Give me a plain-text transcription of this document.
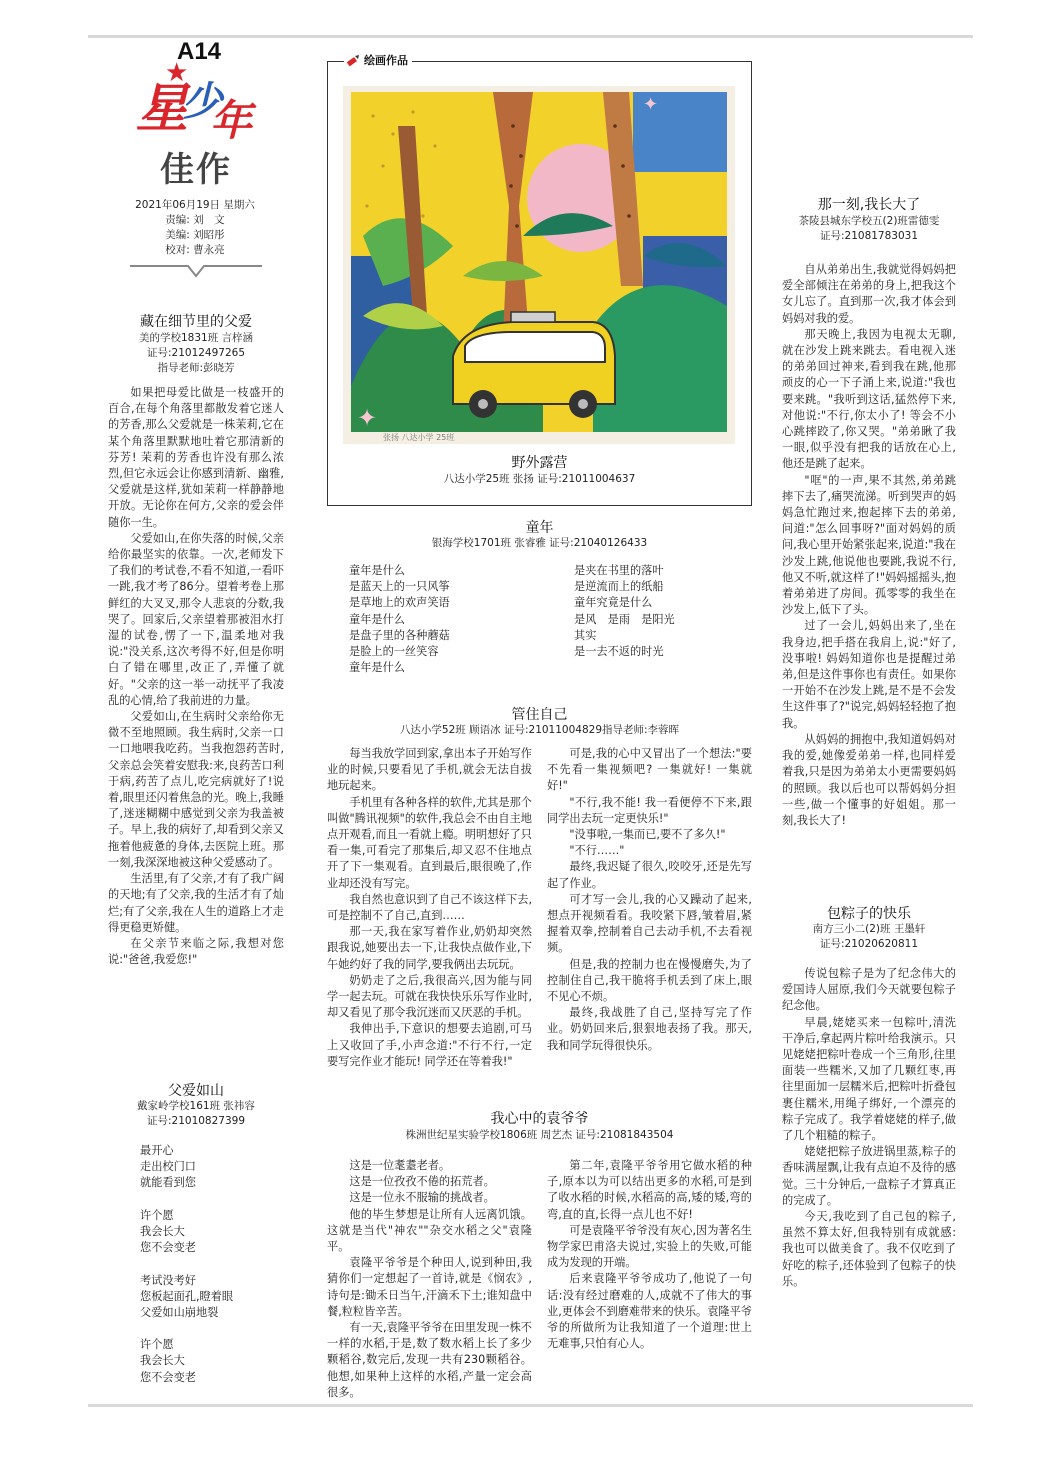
A14
★
星 少
年
佳作
2021年06月19日 星期六
责编: 刘　文
美编: 刘昭彤
校对: 曹永亮
藏在细节里的父爱
美的学校1831班 言梓涵
证号:21012497265
指导老师:彭晓芳

如果把母爱比做是一枝盛开的百合,在每个角落里都散发着它迷人的芳香,那么父爱就是一株茉莉,它在某个角落里默默地吐着它那清新的芬芳! 茉莉的芳香也许没有那么浓烈,但它永远会让你感到清新、幽雅,父爱就是这样,犹如茉莉一样静静地开放。无论你在何方,父亲的爱会伴随你一生。

父爱如山,在你失落的时候,父亲给你最坚实的依靠。一次,老师发下了我们的考试卷,不看不知道,一看吓一跳,我才考了86分。望着考卷上那鲜红的大叉叉,那令人悲哀的分数,我哭了。回家后,父亲望着那被泪水打湿的试卷,愣了一下,温柔地对我说:"没关系,这次考得不好,但是你明白了错在哪里,改正了,弄懂了就好。"父亲的这一举一动抚平了我凌乱的心情,给了我前进的力量。

父爱如山,在生病时父亲给你无微不至地照顾。我生病时,父亲一口一口地喂我吃药。当我抱怨药苦时,父亲总会笑着安慰我:来,良药苦口利于病,药苦了点儿,吃完病就好了!说着,眼里还闪着焦急的光。晚上,我睡了,迷迷糊糊中感觉到父亲为我盖被子。早上,我的病好了,却看到父亲又拖着他疲惫的身体,去医院上班。那一刻,我深深地被这种父爱感动了。

生活里,有了父亲,才有了我广阔的天地;有了父亲,我的生活才有了灿烂;有了父亲,我在人生的道路上才走得更稳更矫健。

在父亲节来临之际,我想对您说:"爸爸,我爱您!"

父爱如山
戴家岭学校161班 张祎容
证号:21010827399
最开心
走出校门口
就能看到您
许个愿
我会长大
您不会变老
考试没考好
您板起面孔,瞪着眼
父爱如山崩地裂
许个愿
我会长大
您不会变老
绘画作品
✦
✦
张扬 八达小学 25班
野外露营
八达小学25班 张扬 证号:21011004637
童年
银海学校1701班 张睿雅 证号:21040126433
童年是什么
是蓝天上的一只风筝
是草地上的欢声笑语
童年是什么
是盘子里的各种蘑菇
是脸上的一丝笑容
童年是什么
是夹在书里的落叶
是逆流而上的纸船
童年究竟是什么
是风　是雨　是阳光
其实
是一去不返的时光
管住自己
八达小学52班 顾语冰 证号:21011004829指导老师:李蓉晖

每当我放学回到家,拿出本子开始写作业的时候,只要看见了手机,就会无法自拔地玩起来。

手机里有各种各样的软件,尤其是那个叫做"腾讯视频"的软件,我总会不由自主地点开观看,而且一看就上瘾。明明想好了只看一集,可看完了那集后,却又忍不住地点开了下一集观看。直到最后,眼很晚了,作业却还没有写完。

我自然也意识到了自己不该这样下去,可是控制不了自己,直到……

那一天,我在家写着作业,奶奶却突然跟我说,她要出去一下,让我快点做作业,下午她约好了我的同学,要我俩出去玩玩。

奶奶走了之后,我很高兴,因为能与同学一起去玩。可就在我快快乐乐写作业时,却又看见了那令我沉迷而又厌恶的手机。

我伸出手,下意识的想要去追剧,可马上又收回了手,小声念道:"不行不行,一定要写完作业才能玩! 同学还在等着我!"

可是,我的心中又冒出了一个想法:"要不先看一集视频吧? 一集就好! 一集就好!"

"不行,我不能! 我一看便停不下来,跟同学出去玩一定更快乐!"

"没事啦,一集而已,要不了多久!"

"不行……"

最终,我迟疑了很久,咬咬牙,还是先写起了作业。

可才写一会儿,我的心又躁动了起来,想点开视频看看。我咬紧下唇,皱着眉,紧握着双拳,控制着自己去动手机,不去看视频。

但是,我的控制力也在慢慢磨失,为了控制住自己,我干脆将手机丢到了床上,眼不见心不烦。

最终,我战胜了自己,坚持写完了作业。奶奶回来后,狠狠地表扬了我。那天,我和同学玩得很快乐。

我心中的袁爷爷
株洲世纪星实验学校1806班 周艺杰 证号:21081843504

这是一位耄耋老者。

这是一位孜孜不倦的拓荒者。

这是一位永不服输的挑战者。

他的毕生梦想是让所有人远离饥饿。这就是当代"神农""杂交水稻之父"袁隆平。

袁隆平爷爷是个种田人,说到种田,我猜你们一定想起了一首诗,就是《悯农》,诗句是:锄禾日当午,汗滴禾下土;谁知盘中餐,粒粒皆辛苦。

有一天,袁隆平爷爷在田里发现一株不一样的水稻,于是,数了数水稻上长了多少颗稻谷,数完后,发现一共有230颗稻谷。他想,如果种上这样的水稻,产量一定会高很多。

第二年,袁隆平爷爷用它做水稻的种子,原本以为可以结出更多的水稻,可是到了收水稻的时候,水稻高的高,矮的矮,弯的弯,直的直,长得一点儿也不好!

可是袁隆平爷爷没有灰心,因为著名生物学家巴甫洛夫说过,实验上的失败,可能成为发现的开端。

后来袁隆平爷爷成功了,他说了一句话:没有经过磨难的人,成就不了伟大的事业,更体会不到磨难带来的快乐。袁隆平爷爷的所做所为让我知道了一个道理:世上无难事,只怕有心人。

那一刻,我长大了
茶陵县城东学校五(2)班雷德雯
证号:21081783031

自从弟弟出生,我就觉得妈妈把爱全部倾注在弟弟的身上,把我这个女儿忘了。直到那一次,我才体会到妈妈对我的爱。

那天晚上,我因为电视太无聊,就在沙发上跳来跳去。看电视入迷的弟弟回过神来,看到我在跳,他那顽皮的心一下子涌上来,说道:"我也要来跳。"我听到这话,猛然停下来,对他说:"不行,你太小了! 等会不小心跳摔跤了,你又哭。"弟弟瞅了我一眼,似乎没有把我的话放在心上,他还是跳了起来。

"哐"的一声,果不其然,弟弟跳摔下去了,痛哭流涕。听到哭声的妈妈急忙跑过来,抱起摔下去的弟弟,问道:"怎么回事呀?"面对妈妈的质问,我心里开始紧张起来,说道:"我在沙发上跳,他说他也要跳,我说不行,他又不听,就这样了!"妈妈摇摇头,抱着弟弟进了房间。孤零零的我坐在沙发上,低下了头。

过了一会儿,妈妈出来了,坐在我身边,把手搭在我肩上,说:"好了,没事啦! 妈妈知道你也是提醒过弟弟,但是这件事你也有责任。如果你一开始不在沙发上跳,是不是不会发生这件事了?"说完,妈妈轻轻抱了抱我。

从妈妈的拥抱中,我知道妈妈对我的爱,她像爱弟弟一样,也同样爱着我,只是因为弟弟太小更需要妈妈的照顾。我以后也可以帮妈妈分担一些,做一个懂事的好姐姐。那一刻,我长大了!

包粽子的快乐
南方三小二(2)班 王墨轩
证号:21020620811

传说包粽子是为了纪念伟大的爱国诗人屈原,我们今天就要包粽子纪念他。

早晨,姥姥买来一包粽叶,清洗干净后,拿起两片粽叶给我演示。只见姥姥把粽叶卷成一个三角形,往里面装一些糯米,又加了几颗红枣,再往里面加一层糯米后,把粽叶折叠包裹住糯米,用绳子绑好,一个漂亮的粽子完成了。我学着姥姥的样子,做了几个粗糙的粽子。

姥姥把粽子放进锅里蒸,粽子的香味满屋飘,让我有点迫不及待的感觉。三十分钟后,一盘粽子才算真正的完成了。

今天,我吃到了自己包的粽子,虽然不算太好,但我特别有成就感:我也可以做美食了。我不仅吃到了好吃的粽子,还体验到了包粽子的快乐。
